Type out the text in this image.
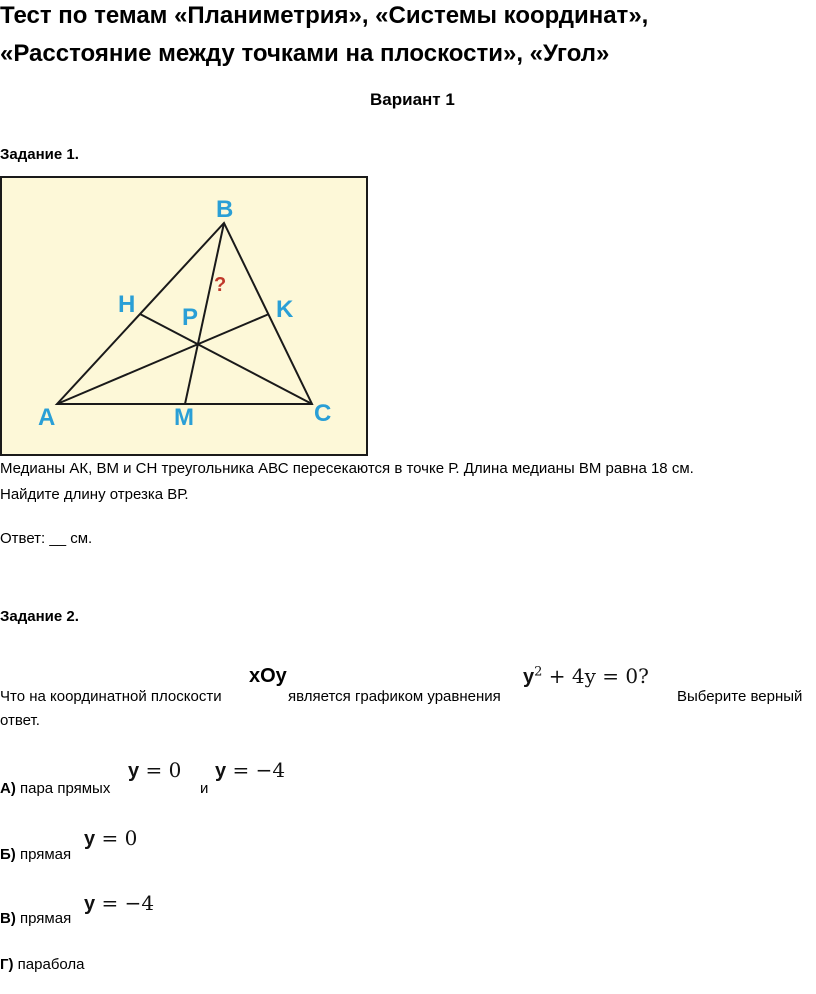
Тест по темам «Планиметрия», «Системы координат»,
«Расстояние между точками на плоскости», «Угол»
Вариант 1
Задание 1.
B
H	K
P
A	M	C
?
Медианы АК, ВМ и СН треугольника АВС пересекаются в точке Р. Длина медианы ВМ равна 18 см.
Найдите длину отрезка ВР.
Ответ: __ см.
Задание 2.
Что на координатной плоскости
xOy
является графиком уравнения
$y^2 + 4y = 0$?
Выберите верный
ответ.
А) пара прямых
y = 0
и
y = −4
Б) прямая
y = 0
В) прямая
y = −4
Г) парабола
